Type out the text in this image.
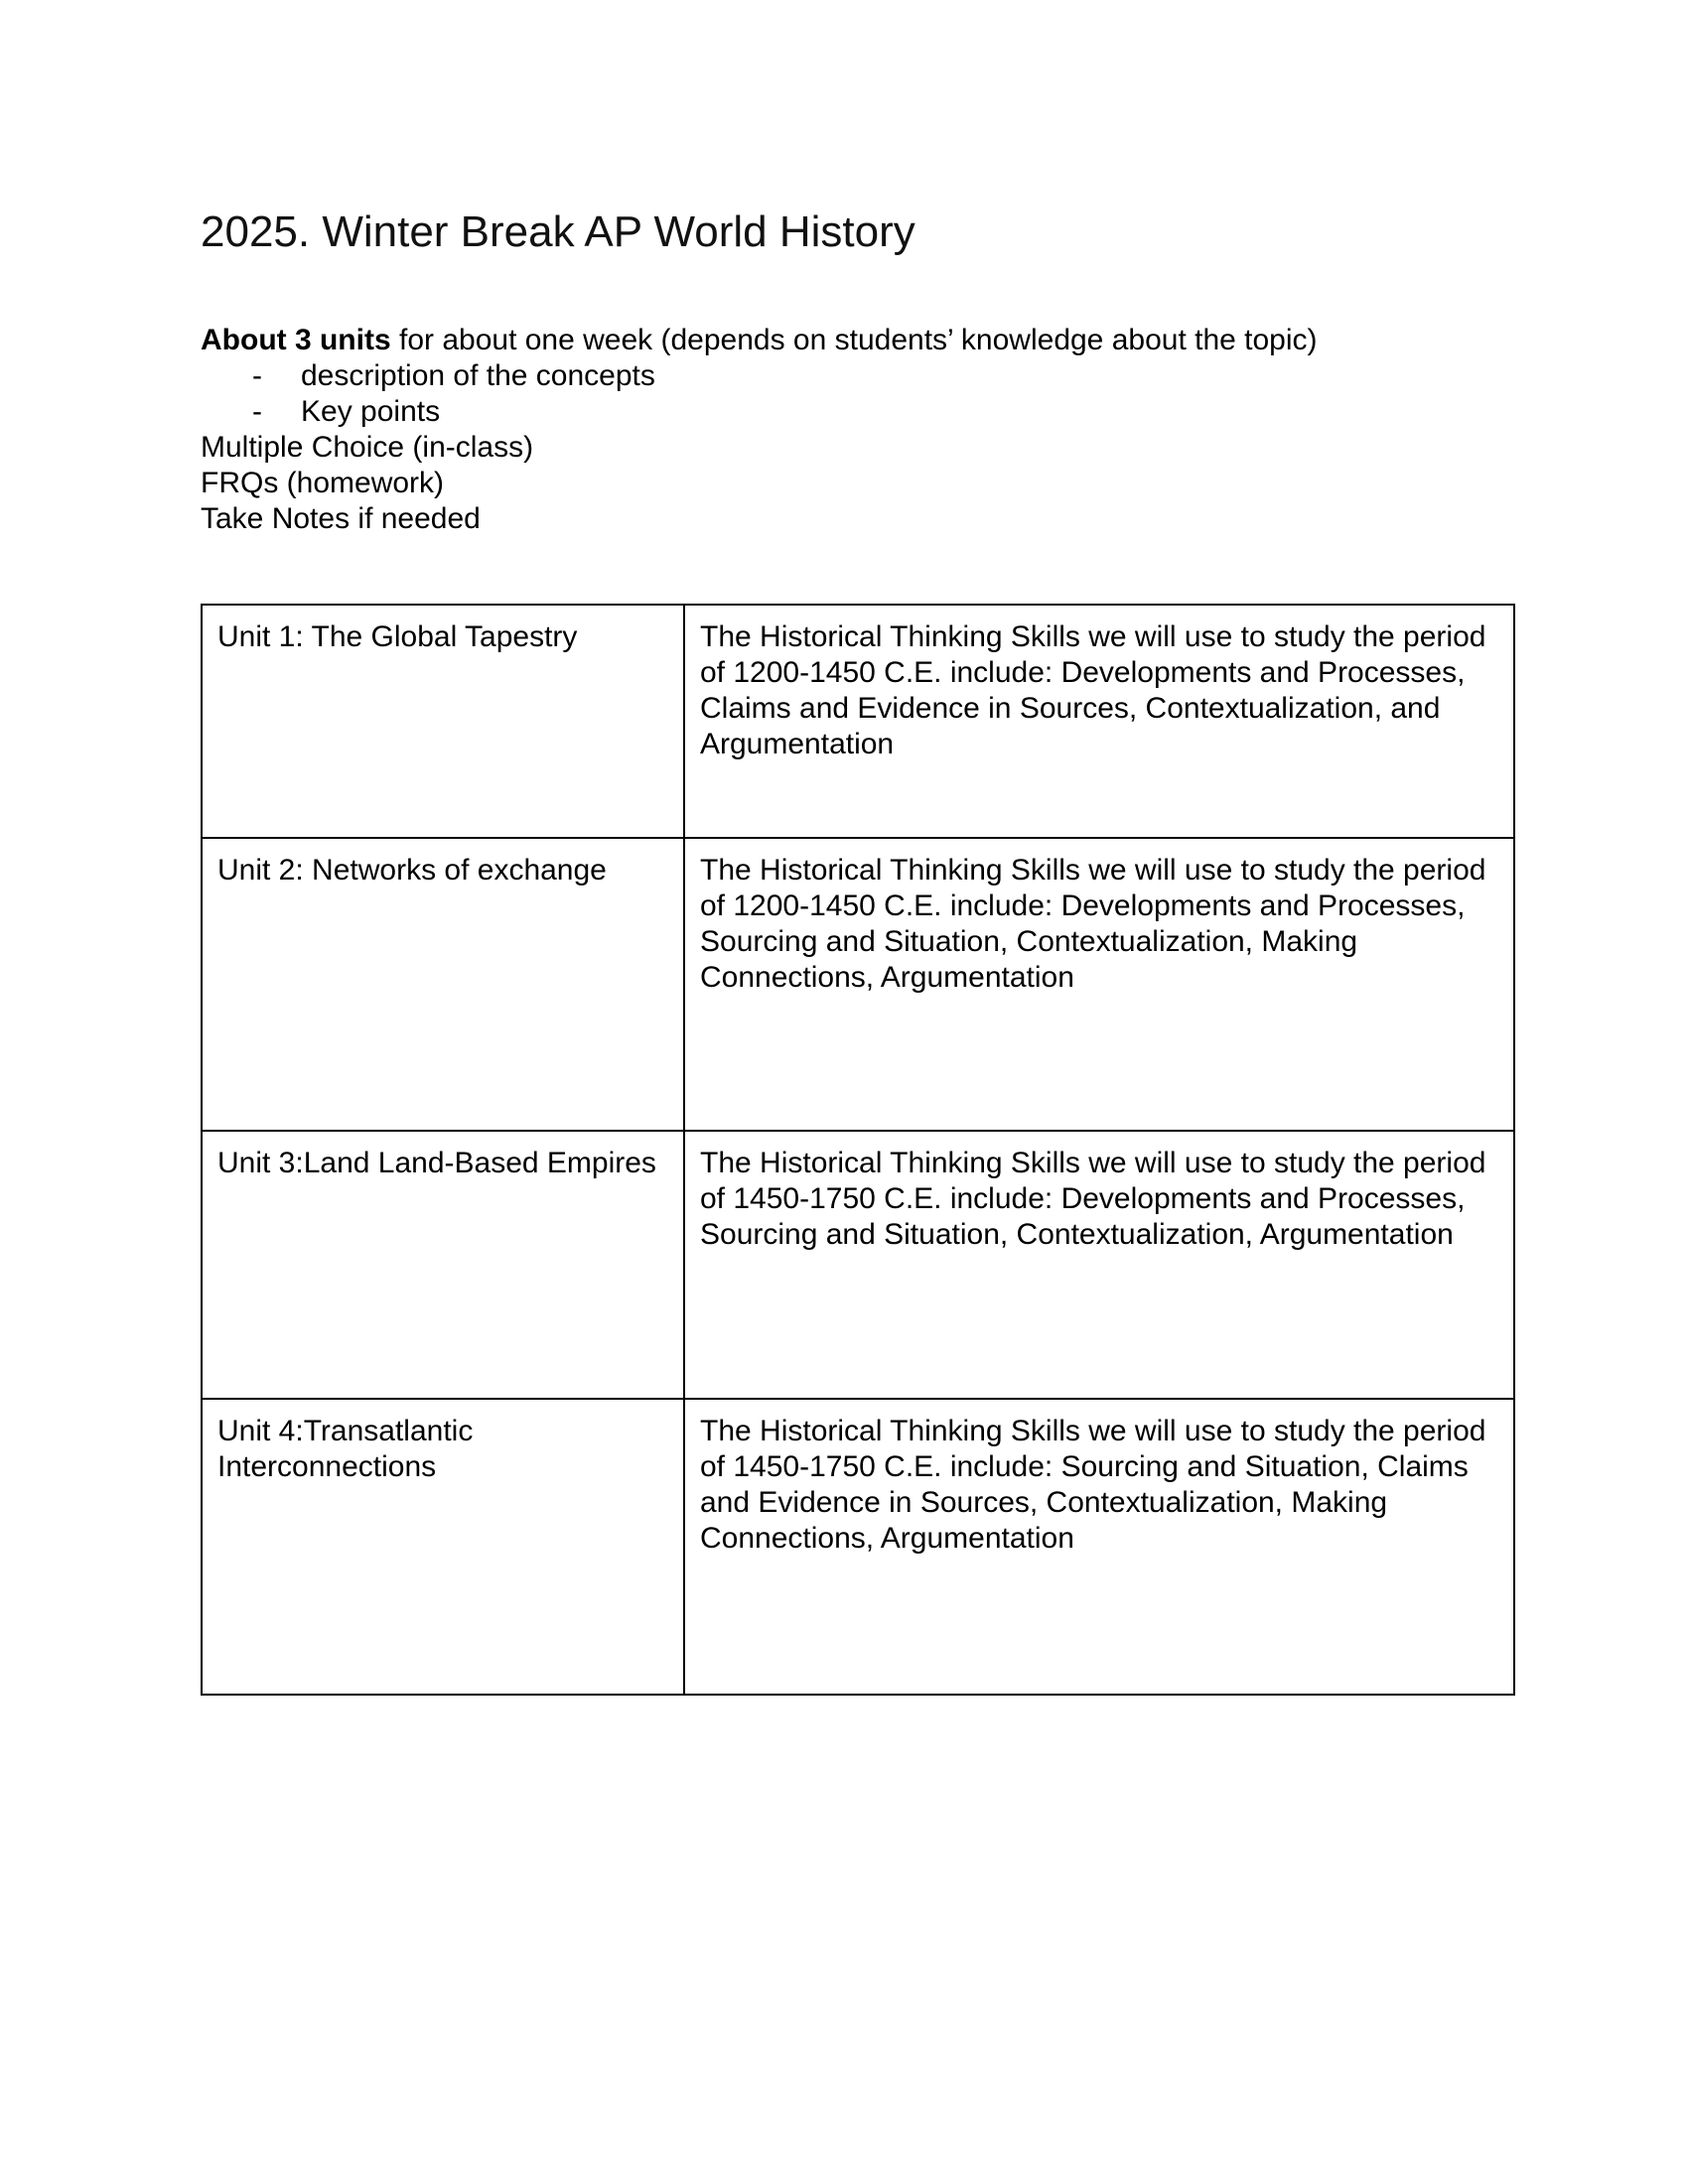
2025. Winter Break AP World History

About 3 units for about one week (depends on students’ knowledge about the topic)

- description of the concepts
- Key points

Multiple Choice (in-class)

FRQs (homework)

Take Notes if needed

Unit 1: The Global Tapestry	The Historical Thinking Skills we will use to study the period of 1200-1450 C.E. include: Developments and Processes, Claims and Evidence in Sources, Contextualization, and Argumentation
Unit 2: Networks of exchange	The Historical Thinking Skills we will use to study the period of 1200-1450 C.E. include: Developments and Processes, Sourcing and Situation, Contextualization, Making Connections, Argumentation
Unit 3:Land Land-Based Empires	The Historical Thinking Skills we will use to study the period of 1450-1750 C.E. include: Developments and Processes, Sourcing and Situation, Contextualization, Argumentation
Unit 4:Transatlantic Interconnections	The Historical Thinking Skills we will use to study the period of 1450-1750 C.E. include: Sourcing and Situation, Claims and Evidence in Sources, Contextualization, Making Connections, Argumentation
